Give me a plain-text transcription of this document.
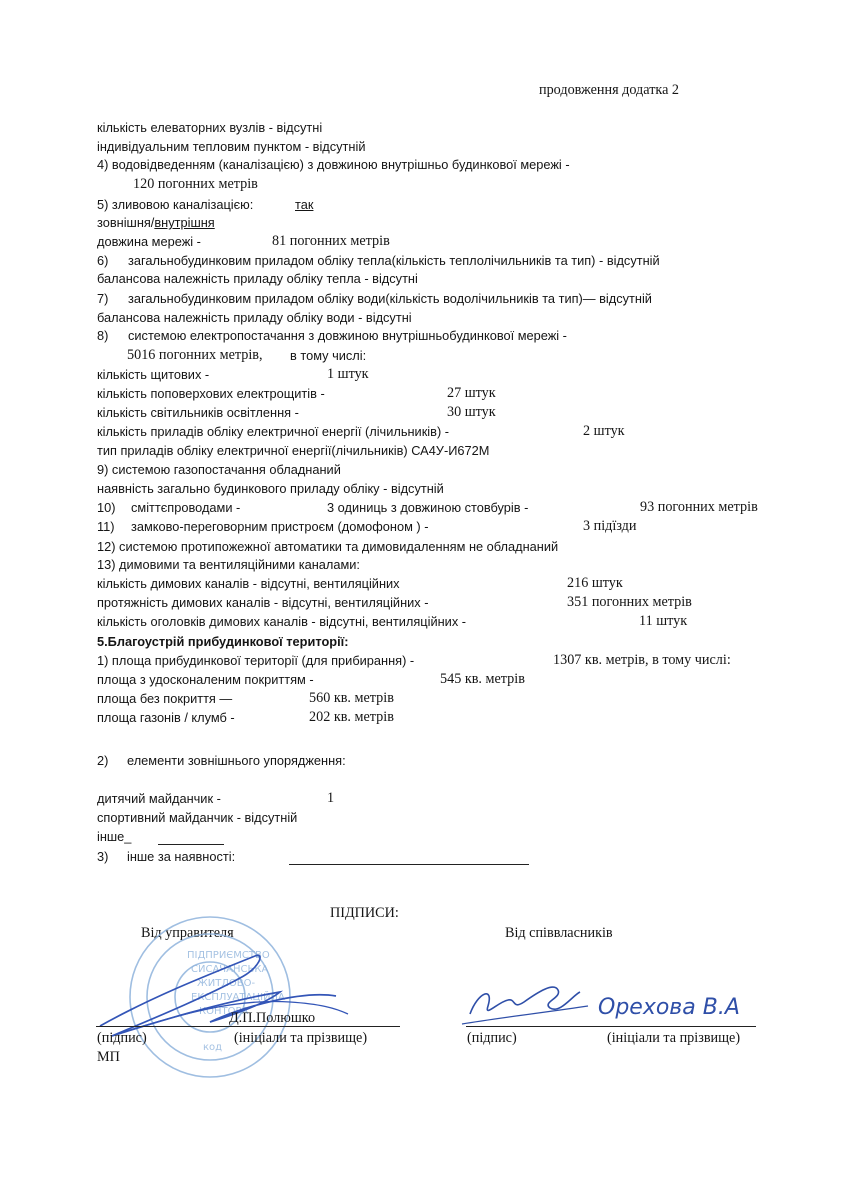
продовження додатка 2
кількість елеваторних вузлів - відсутні
індивідуальним тепловим пунктом - відсутній
4) водовідведенням (каналізацією) з довжиною внутрішньо будинкової мережі -
120 погонних метрів
5) зливовою каналізацією:	так
зовнішня/внутрішня
довжина мережі -	81 погонних метрів
6) загальнобудинковим приладом обліку тепла(кількість теплолічильників та тип) - відсутній
балансова належність приладу обліку тепла - відсутні
7) загальнобудинковим приладом обліку води(кількість водолічильників та тип)— відсутній
балансова належність приладу обліку води - відсутні
8) системою електропостачання з довжиною внутрішньобудинкової мережі -
5016 погонних метрів, в тому числі:
кількість щитових -	1 штук
кількість поповерхових електрощитів -	27 штук
кількість світильників освітлення -	30 штук
кількість приладів обліку електричної енергії (лічильників) -	2 штук
тип приладів обліку електричної енергії(лічильників) СА4У-И672М
9) системою газопостачання обладнаний
наявність загально будинкового приладу обліку - відсутній
10) сміттєпроводами -	3 одиниць з довжиною стовбурів -	93 погонних метрів
11) замково-переговорним пристроєм (домофоном ) -	3 підїзди
12) системою протипожежної автоматики та димовидаленням не обладнаний
13) димовими та вентиляційними каналами:
кількість димових каналів - відсутні, вентиляційних	216 штук
протяжність димових каналів - відсутні, вентиляційних -	351 погонних метрів
кількість оголовків димових каналів - відсутні, вентиляційних -	11 штук
5.Благоустрій прибудинкової території:
1) площа прибудинкової території (для прибирання) -	1307 кв. метрів, в тому числі:
площа з удосконаленим покриттям -	545 кв. метрів
площа без покриття —	560 кв. метрів
площа газонів / клумб -	202 кв. метрів
2) елементи зовнішнього упорядження:
дитячий майданчик -	1
спортивний майданчик - відсутній
інше_
3) інше за наявності:
ПІДПИСИ:
Від управителя	Від співвласників
ПІДПРИЄМСТВО
СИСАЧАНСЬКА
ЖИТЛОВО-
ЕКСПЛУАТАЦІЙНА
КОНТОРА
код
Д.П.Полюшко
(підпис)	(ініціали та прізвище)
МП
Орехова В.А
(підпис)	(ініціали та прізвище)
